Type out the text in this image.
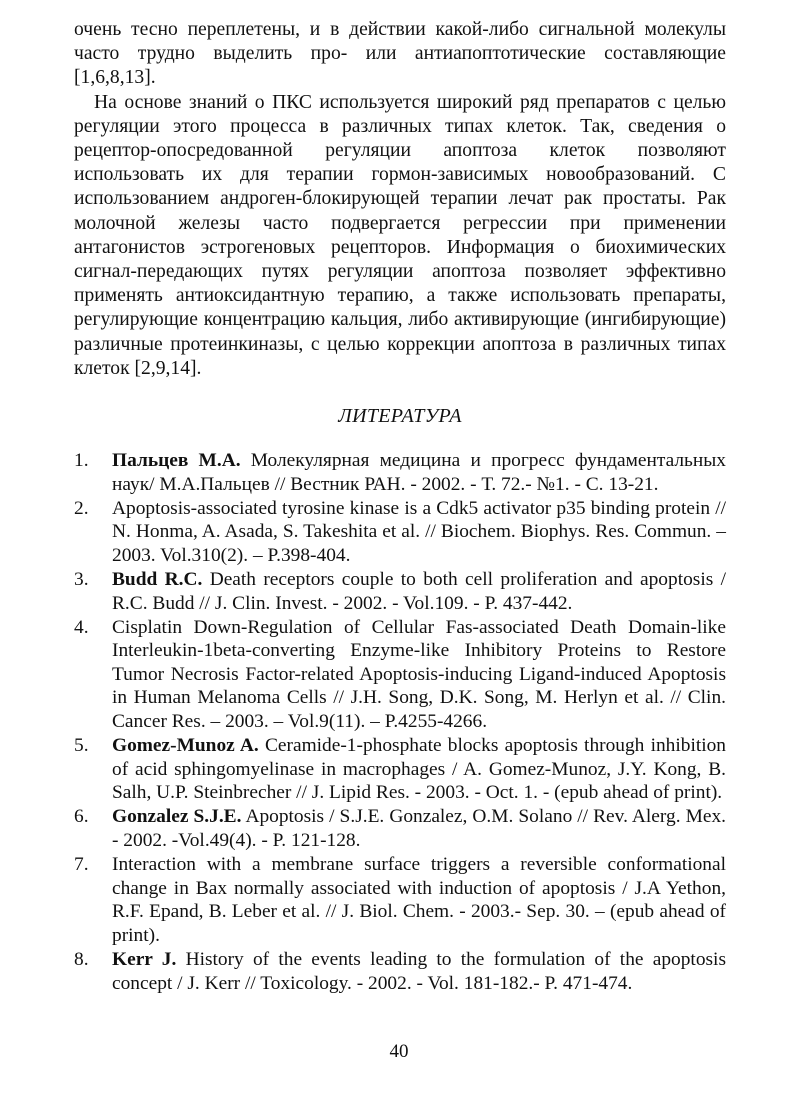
очень тесно переплетены, и в действии какой-либо сигнальной молекулы часто трудно выделить про- или антиапоптотические составляющие [1,6,8,13].

На основе знаний о ПКС используется широкий ряд препаратов с целью регуляции этого процесса в различных типах клеток. Так, сведения о рецептор-опосредованной регуляции апоптоза клеток позволяют использовать их для терапии гормон-зависимых новообразований. С использованием андроген-блокирующей терапии лечат рак простаты. Рак молочной железы часто подвергается регрессии при применении антагонистов эстрогеновых рецепторов. Информация о биохимических сигнал-передающих путях регуляции апоптоза позволяет эффективно применять антиоксидантную терапию, а также использовать препараты, регулирующие концентрацию кальция, либо активирующие (ингибирующие) различные протеинкиназы, с целью коррекции апоптоза в различных типах клеток [2,9,14].

ЛИТЕРАТУРА
1.	Пальцев М.А. Молекулярная медицина и прогресс фундаментальных наук/ М.А.Пальцев // Вестник РАН. - 2002. - Т. 72.- №1. - С. 13-21.
2.	Apoptosis-associated tyrosine kinase is a Cdk5 activator p35 binding protein // N. Honma, A. Asada, S. Takeshita et al. // Biochem. Biophys. Res. Commun. – 2003. Vol.310(2). – P.398-404.
3.	Budd R.C. Death receptors couple to both cell proliferation and apoptosis / R.C. Budd // J. Clin. Invest. - 2002. - Vol.109. - P. 437-442.
4.	Cisplatin Down-Regulation of Cellular Fas-associated Death Domain-like Interleukin-1beta-converting Enzyme-like Inhibitory Proteins to Restore Tumor Necrosis Factor-related Apoptosis-inducing Ligand-induced Apoptosis in Human Melanoma Cells // J.H. Song, D.K. Song, M. Herlyn et al. // Clin. Cancer Res. – 2003. – Vol.9(11). – P.4255-4266.
5.	Gomez-Munoz A. Ceramide-1-phosphate blocks apoptosis through inhibition of acid sphingomyelinase in macrophages / A. Gomez-Munoz, J.Y. Kong, B. Salh, U.P. Steinbrecher // J. Lipid Res. - 2003. - Oct. 1. - (epub ahead of print).
6.	Gonzalez S.J.E. Apoptosis / S.J.E. Gonzalez, O.M. Solano // Rev. Alerg. Mex. - 2002. -Vol.49(4). - P. 121-128.
7.	Interaction with a membrane surface triggers a reversible conformational change in Bax normally associated with induction of apoptosis / J.A Yethon, R.F. Epand, B. Leber et al. // J. Biol. Chem. - 2003.- Sep. 30. – (epub ahead of print).
8.	Kerr J. History of the events leading to the formulation of the apoptosis concept / J. Kerr // Toxicology. - 2002. - Vol. 181-182.- P. 471-474.
40
